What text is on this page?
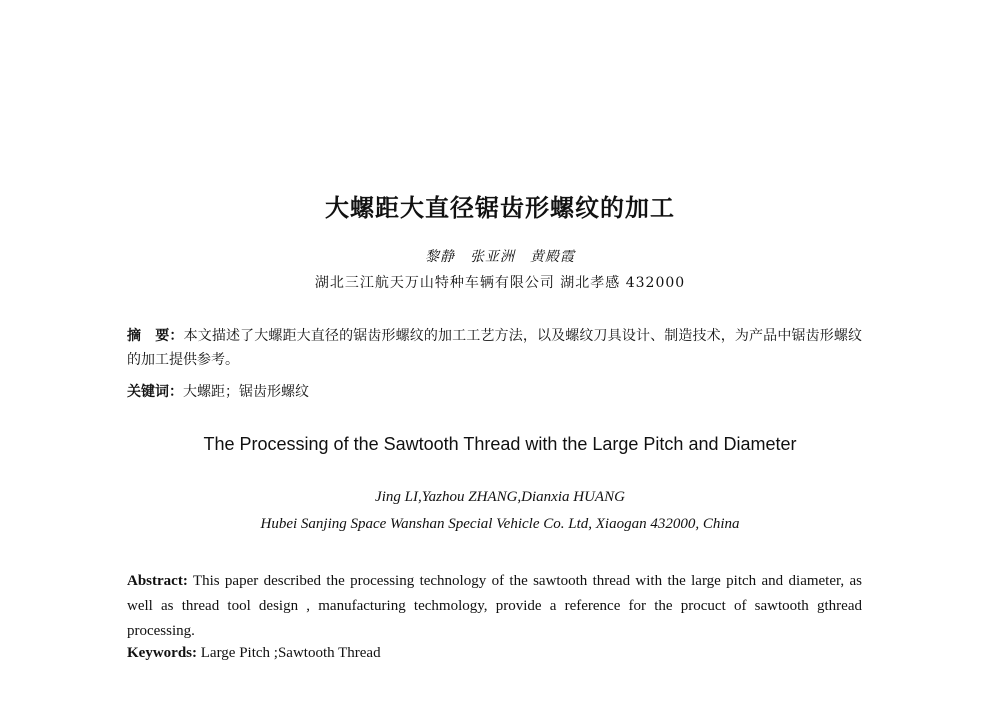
大螺距大直径锯齿形螺纹的加工
黎静　张亚洲　黄殿霞
湖北三江航天万山特种车辆有限公司 湖北孝感 432000
摘　要：本文描述了大螺距大直径的锯齿形螺纹的加工工艺方法，以及螺纹刀具设计、制造技术，为产品中锯齿形螺纹的加工提供参考。
关键词：大螺距；锯齿形螺纹
The Processing of the Sawtooth Thread with the Large Pitch and Diameter
Jing LI,Yazhou ZHANG,Dianxia HUANG
Hubei Sanjing Space Wanshan Special Vehicle Co. Ltd, Xiaogan 432000, China
Abstract: This paper described the processing technology of the sawtooth thread with the large pitch and diameter, as well as thread tool design , manufacturing techmology, provide a reference for the procuct of sawtooth gthread processing.
Keywords: Large Pitch ;Sawtooth Thread
